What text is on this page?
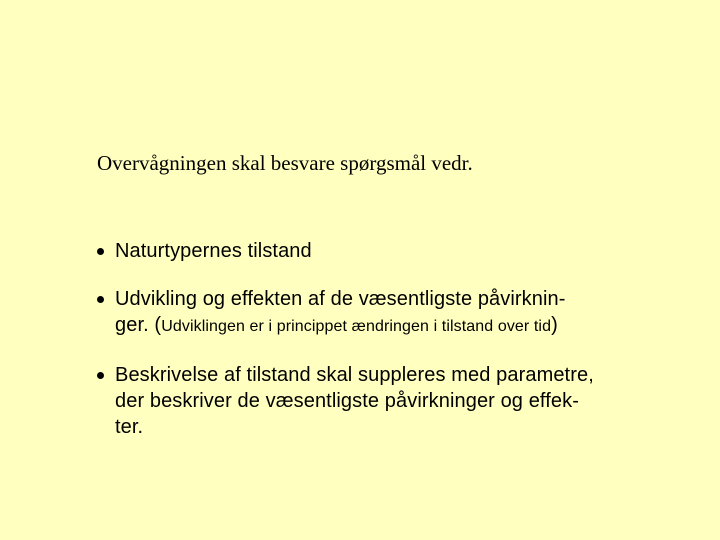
Overvågningen skal besvare spørgsmål vedr.
Naturtypernes tilstand
Udvikling og effekten af de væsentligste påvirknin-
ger. (Udviklingen er i princippet ændringen i tilstand over tid)
Beskrivelse af tilstand skal suppleres med parametre,
der beskriver de væsentligste påvirkninger og effek-
ter.
